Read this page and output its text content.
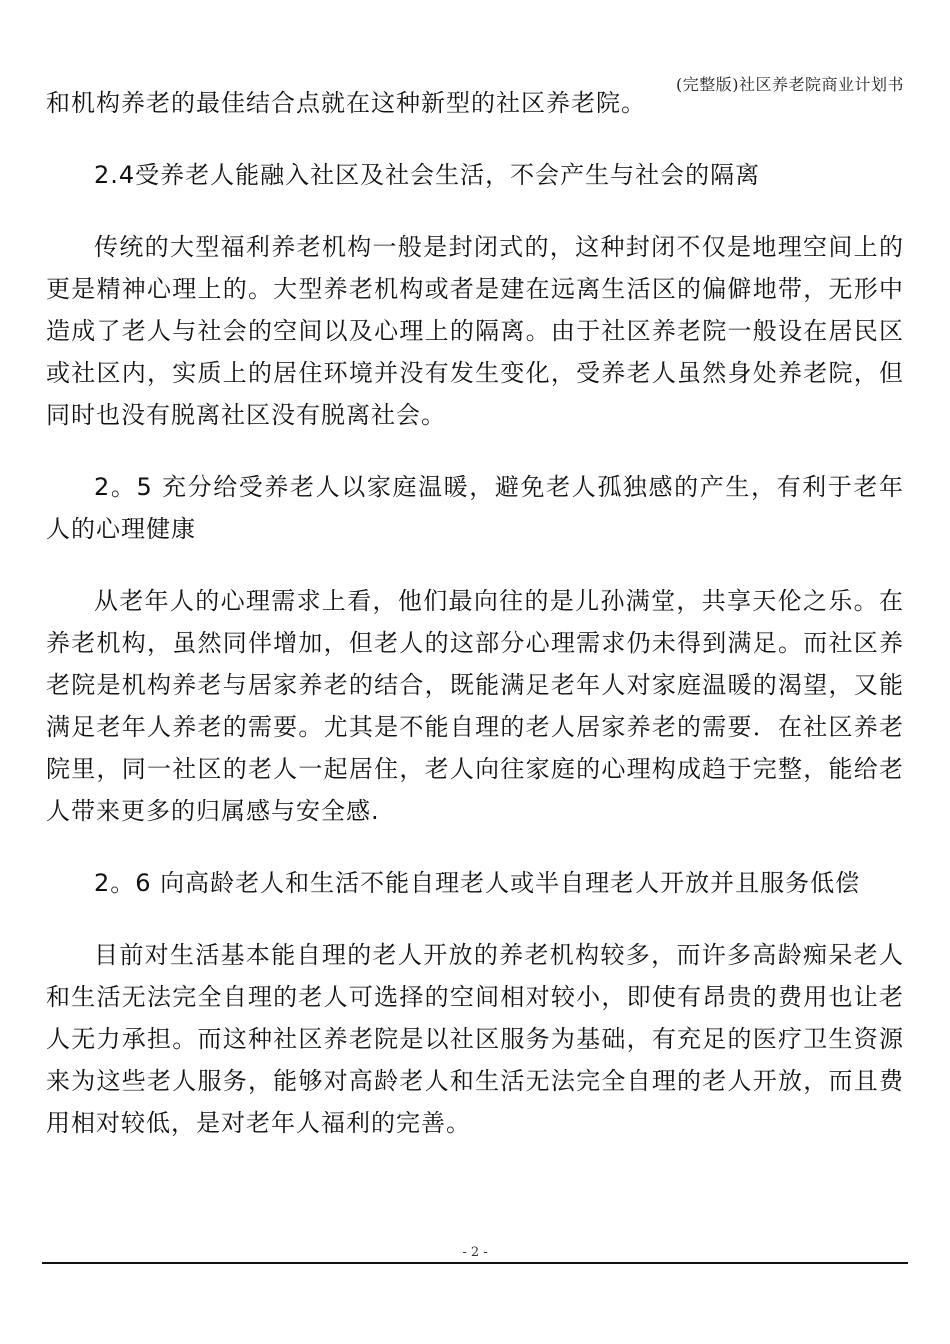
(完整版)社区养老院商业计划书

和机构养老的最佳结合点就在这种新型的社区养老院。

2.4受养老人能融入社区及社会生活，不会产生与社会的隔离

传统的大型福利养老机构一般是封闭式的，这种封闭不仅是地理空间上的更是精神心理上的。大型养老机构或者是建在远离生活区的偏僻地带，无形中造成了老人与社会的空间以及心理上的隔离。由于社区养老院一般设在居民区或社区内，实质上的居住环境并没有发生变化，受养老人虽然身处养老院，但同时也没有脱离社区没有脱离社会。

2。5 充分给受养老人以家庭温暖，避免老人孤独感的产生，有利于老年人的心理健康

从老年人的心理需求上看，他们最向往的是儿孙满堂，共享天伦之乐。在养老机构，虽然同伴增加，但老人的这部分心理需求仍未得到满足。而社区养老院是机构养老与居家养老的结合，既能满足老年人对家庭温暖的渴望，又能满足老年人养老的需要。尤其是不能自理的老人居家养老的需要．在社区养老院里，同一社区的老人一起居住，老人向往家庭的心理构成趋于完整，能给老人带来更多的归属感与安全感.

2。6 向高龄老人和生活不能自理老人或半自理老人开放并且服务低偿

目前对生活基本能自理的老人开放的养老机构较多，而许多高龄痴呆老人和生活无法完全自理的老人可选择的空间相对较小，即使有昂贵的费用也让老人无力承担。而这种社区养老院是以社区服务为基础，有充足的医疗卫生资源来为这些老人服务，能够对高龄老人和生活无法完全自理的老人开放，而且费用相对较低，是对老年人福利的完善。

- 2 -
